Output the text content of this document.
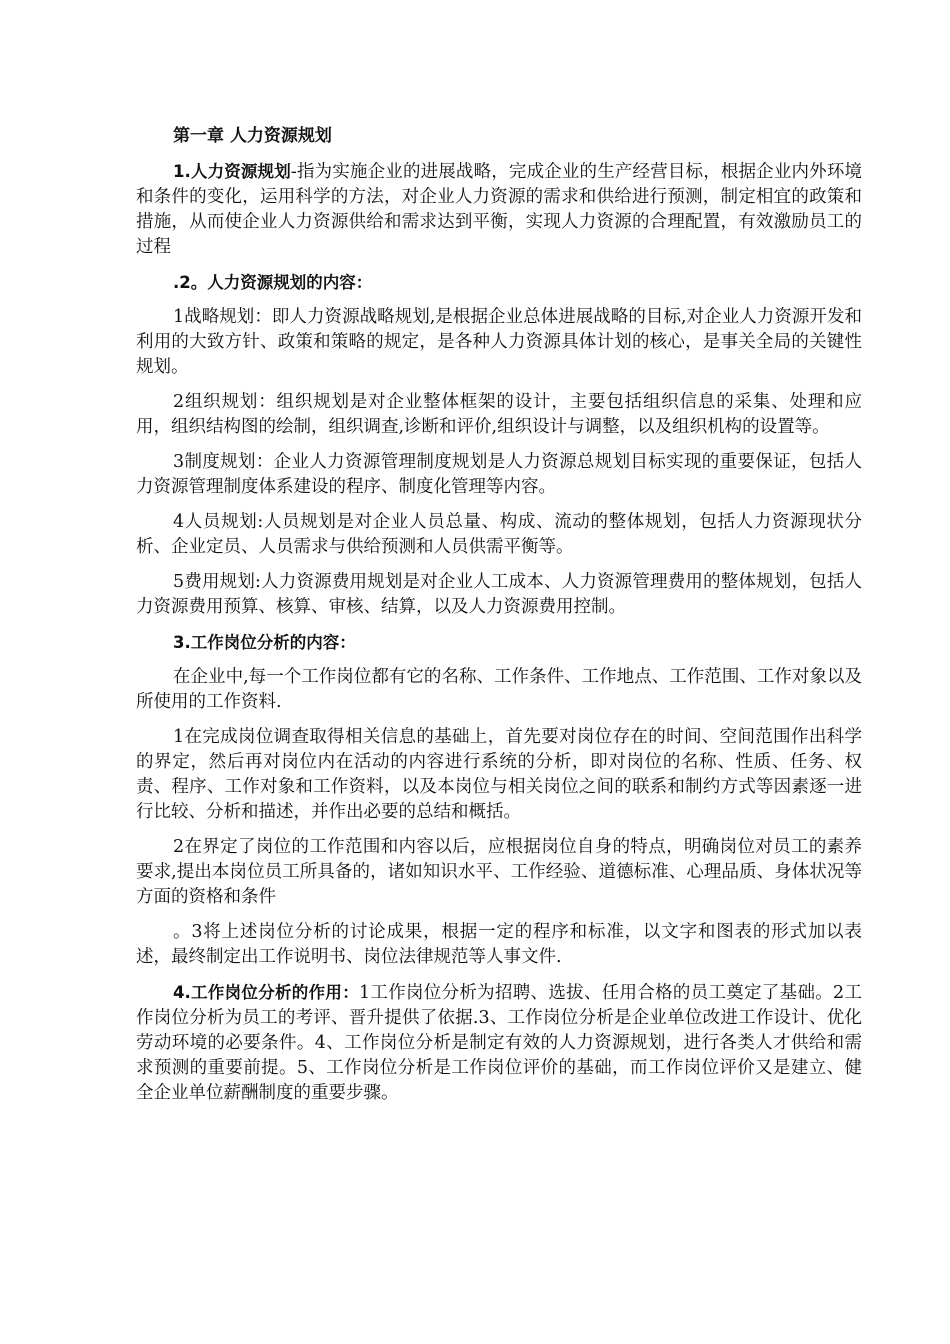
第一章 人力资源规划

1.人力资源规划-指为实施企业的进展战略，完成企业的生产经营目标，根据企业内外环境和条件的变化，运用科学的方法，对企业人力资源的需求和供给进行预测，制定相宜的政策和措施，从而使企业人力资源供给和需求达到平衡，实现人力资源的合理配置，有效激励员工的过程

.2。人力资源规划的内容：

1战略规划：即人力资源战略规划,是根据企业总体进展战略的目标,对企业人力资源开发和利用的大致方针、政策和策略的规定，是各种人力资源具体计划的核心，是事关全局的关键性规划。

2组织规划：组织规划是对企业整体框架的设计，主要包括组织信息的采集、处理和应用，组织结构图的绘制，组织调查,诊断和评价,组织设计与调整，以及组织机构的设置等。

3制度规划：企业人力资源管理制度规划是人力资源总规划目标实现的重要保证，包括人力资源管理制度体系建设的程序、制度化管理等内容。

4人员规划:人员规划是对企业人员总量、构成、流动的整体规划，包括人力资源现状分析、企业定员、人员需求与供给预测和人员供需平衡等。

5费用规划:人力资源费用规划是对企业人工成本、人力资源管理费用的整体规划，包括人力资源费用预算、核算、审核、结算，以及人力资源费用控制。

3.工作岗位分析的内容：

在企业中,每一个工作岗位都有它的名称、工作条件、工作地点、工作范围、工作对象以及所使用的工作资料.

1在完成岗位调查取得相关信息的基础上，首先要对岗位存在的时间、空间范围作出科学的界定，然后再对岗位内在活动的内容进行系统的分析，即对岗位的名称、性质、任务、权责、程序、工作对象和工作资料，以及本岗位与相关岗位之间的联系和制约方式等因素逐一进行比较、分析和描述，并作出必要的总结和概括。

2在界定了岗位的工作范围和内容以后，应根据岗位自身的特点，明确岗位对员工的素养要求,提出本岗位员工所具备的，诸如知识水平、工作经验、道德标准、心理品质、身体状况等方面的资格和条件

。3将上述岗位分析的讨论成果，根据一定的程序和标准，以文字和图表的形式加以表述，最终制定出工作说明书、岗位法律规范等人事文件.

4.工作岗位分析的作用：1工作岗位分析为招聘、选拔、任用合格的员工奠定了基础。2工作岗位分析为员工的考评、晋升提供了依据.3、工作岗位分析是企业单位改进工作设计、优化劳动环境的必要条件。4、工作岗位分析是制定有效的人力资源规划，进行各类人才供给和需求预测的重要前提。5、工作岗位分析是工作岗位评价的基础，而工作岗位评价又是建立、健全企业单位薪酬制度的重要步骤。
